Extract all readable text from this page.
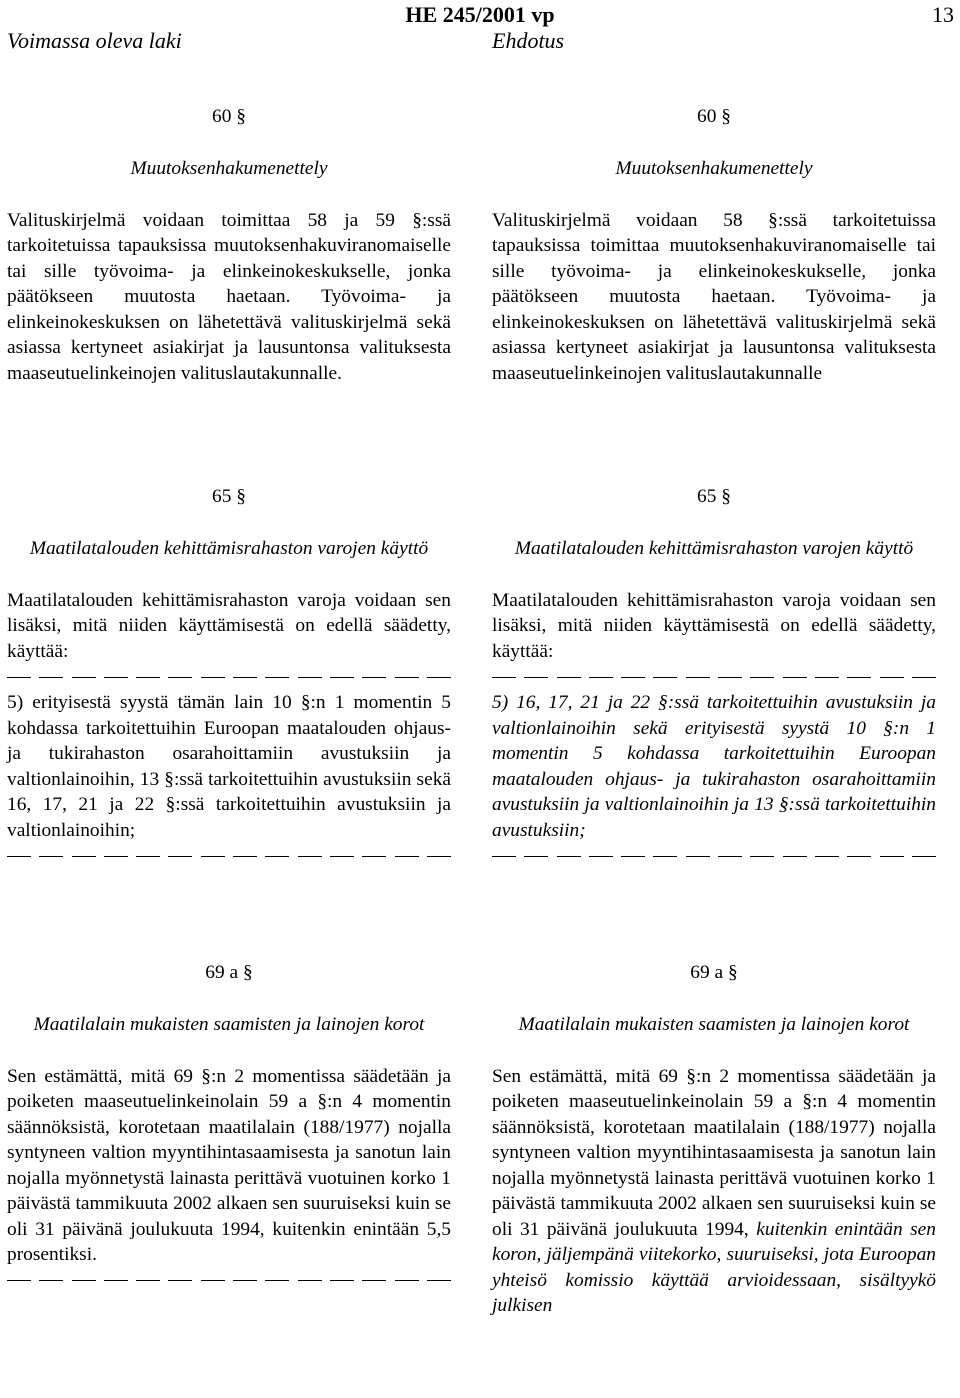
HE 245/2001 vp	13
Voimassa oleva laki	Ehdotus
60 §
Muutoksenhakumenettely
Valituskirjelmä voidaan toimittaa 58 ja 59 §:ssä tarkoitetuissa tapauksissa muutoksenhakuviranomaiselle tai sille työvoima- ja elinkeinokeskukselle, jonka päätökseen muutosta haetaan. Työvoima- ja elinkeinokeskuksen on lähetettävä valituskirjelmä sekä asiassa kertyneet asiakirjat ja lausuntonsa valituksesta maaseutuelinkeinojen valituslautakunnalle.
65 §
Maatilatalouden kehittämisrahaston varojen käyttö
Maatilatalouden kehittämisrahaston varoja voidaan sen lisäksi, mitä niiden käyttämisestä on edellä säädetty, käyttää:
5) erityisestä syystä tämän lain 10 §:n 1 momentin 5 kohdassa tarkoitettuihin Euroopan maatalouden ohjaus- ja tukirahaston osarahoittamiin avustuksiin ja valtionlainoihin, 13 §:ssä tarkoitettuihin avustuksiin sekä 16, 17, 21 ja 22 §:ssä tarkoitettuihin avustuksiin ja valtionlainoihin;
69 a §
Maatilalain mukaisten saamisten ja lainojen korot
Sen estämättä, mitä 69 §:n 2 momentissa säädetään ja poiketen maaseutuelinkeinolain 59 a §:n 4 momentin säännöksistä, korotetaan maatilalain (188/1977) nojalla syntyneen valtion myyntihintasaamisesta ja sanotun lain nojalla myönnetystä lainasta perittävä vuotuinen korko 1 päivästä tammikuuta 2002 alkaen sen suuruiseksi kuin se oli 31 päivänä joulukuuta 1994, kuitenkin enintään 5,5 prosentiksi.
60 §
Muutoksenhakumenettely
Valituskirjelmä voidaan 58 §:ssä tarkoitetuissa tapauksissa toimittaa muutoksenhakuviranomaiselle tai sille työvoima- ja elinkeinokeskukselle, jonka päätökseen muutosta haetaan. Työvoima- ja elinkeinokeskuksen on lähetettävä valituskirjelmä sekä asiassa kertyneet asiakirjat ja lausuntonsa valituksesta maaseutuelinkeinojen valituslautakunnalle
65 §
Maatilatalouden kehittämisrahaston varojen käyttö
Maatilatalouden kehittämisrahaston varoja voidaan sen lisäksi, mitä niiden käyttämisestä on edellä säädetty, käyttää:
5) 16, 17, 21 ja 22 §:ssä tarkoitettuihin avustuksiin ja valtionlainoihin sekä erityisestä syystä 10 §:n 1 momentin 5 kohdassa tarkoitettuihin Euroopan maatalouden ohjaus- ja tukirahaston osarahoittamiin avustuksiin ja valtionlainoihin ja 13 §:ssä tarkoitettuihin avustuksiin;
69 a §
Maatilalain mukaisten saamisten ja lainojen korot
Sen estämättä, mitä 69 §:n 2 momentissa säädetään ja poiketen maaseutuelinkeinolain 59 a §:n 4 momentin säännöksistä, korotetaan maatilalain (188/1977) nojalla syntyneen valtion myyntihintasaamisesta ja sanotun lain nojalla myönnetystä lainasta perittävä vuotuinen korko 1 päivästä tammikuuta 2002 alkaen sen suuruiseksi kuin se oli 31 päivänä joulukuuta 1994, kuitenkin enintään sen koron, jäljempänä viitekorko, suuruiseksi, jota Euroopan yhteisö komissio käyttää arvioidessaan, sisältyykö julkisen
